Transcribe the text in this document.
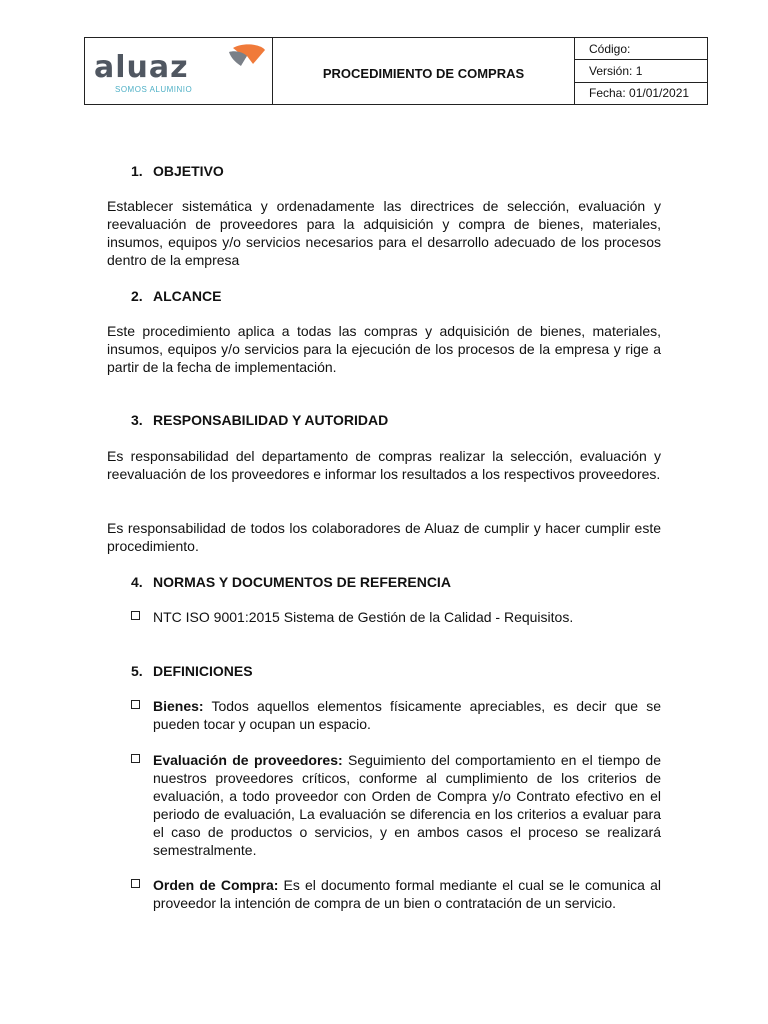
aluaz
SOMOS ALUMINIO
PROCEDIMIENTO DE COMPRAS
Código:
Versión: 1
Fecha: 01/01/2021
1. OBJETIVO
Establecer sistemática y ordenadamente las directrices de selección, evaluación y reevaluación de proveedores para la adquisición y compra de bienes, materiales, insumos, equipos y/o servicios necesarios para el desarrollo adecuado de los procesos dentro de la empresa
2. ALCANCE
Este procedimiento aplica a todas las compras y adquisición de bienes, materiales, insumos, equipos y/o servicios para la ejecución de los procesos de la empresa y rige a partir de la fecha de implementación.
3. RESPONSABILIDAD Y AUTORIDAD
Es responsabilidad del departamento de compras realizar la selección, evaluación y reevaluación de los proveedores e informar los resultados a los respectivos proveedores.
Es responsabilidad de todos los colaboradores de Aluaz de cumplir y hacer cumplir este procedimiento.
4. NORMAS Y DOCUMENTOS DE REFERENCIA
NTC ISO 9001:2015 Sistema de Gestión de la Calidad - Requisitos.
5. DEFINICIONES
Bienes: Todos aquellos elementos físicamente apreciables, es decir que se pueden tocar y ocupan un espacio.
Evaluación de proveedores: Seguimiento del comportamiento en el tiempo de nuestros proveedores críticos, conforme al cumplimiento de los criterios de evaluación, a todo proveedor con Orden de Compra y/o Contrato efectivo en el periodo de evaluación, La evaluación se diferencia en los criterios a evaluar para el caso de productos o servicios, y en ambos casos el proceso se realizará semestralmente.
Orden de Compra: Es el documento formal mediante el cual se le comunica al proveedor la intención de compra de un bien o contratación de un servicio.
